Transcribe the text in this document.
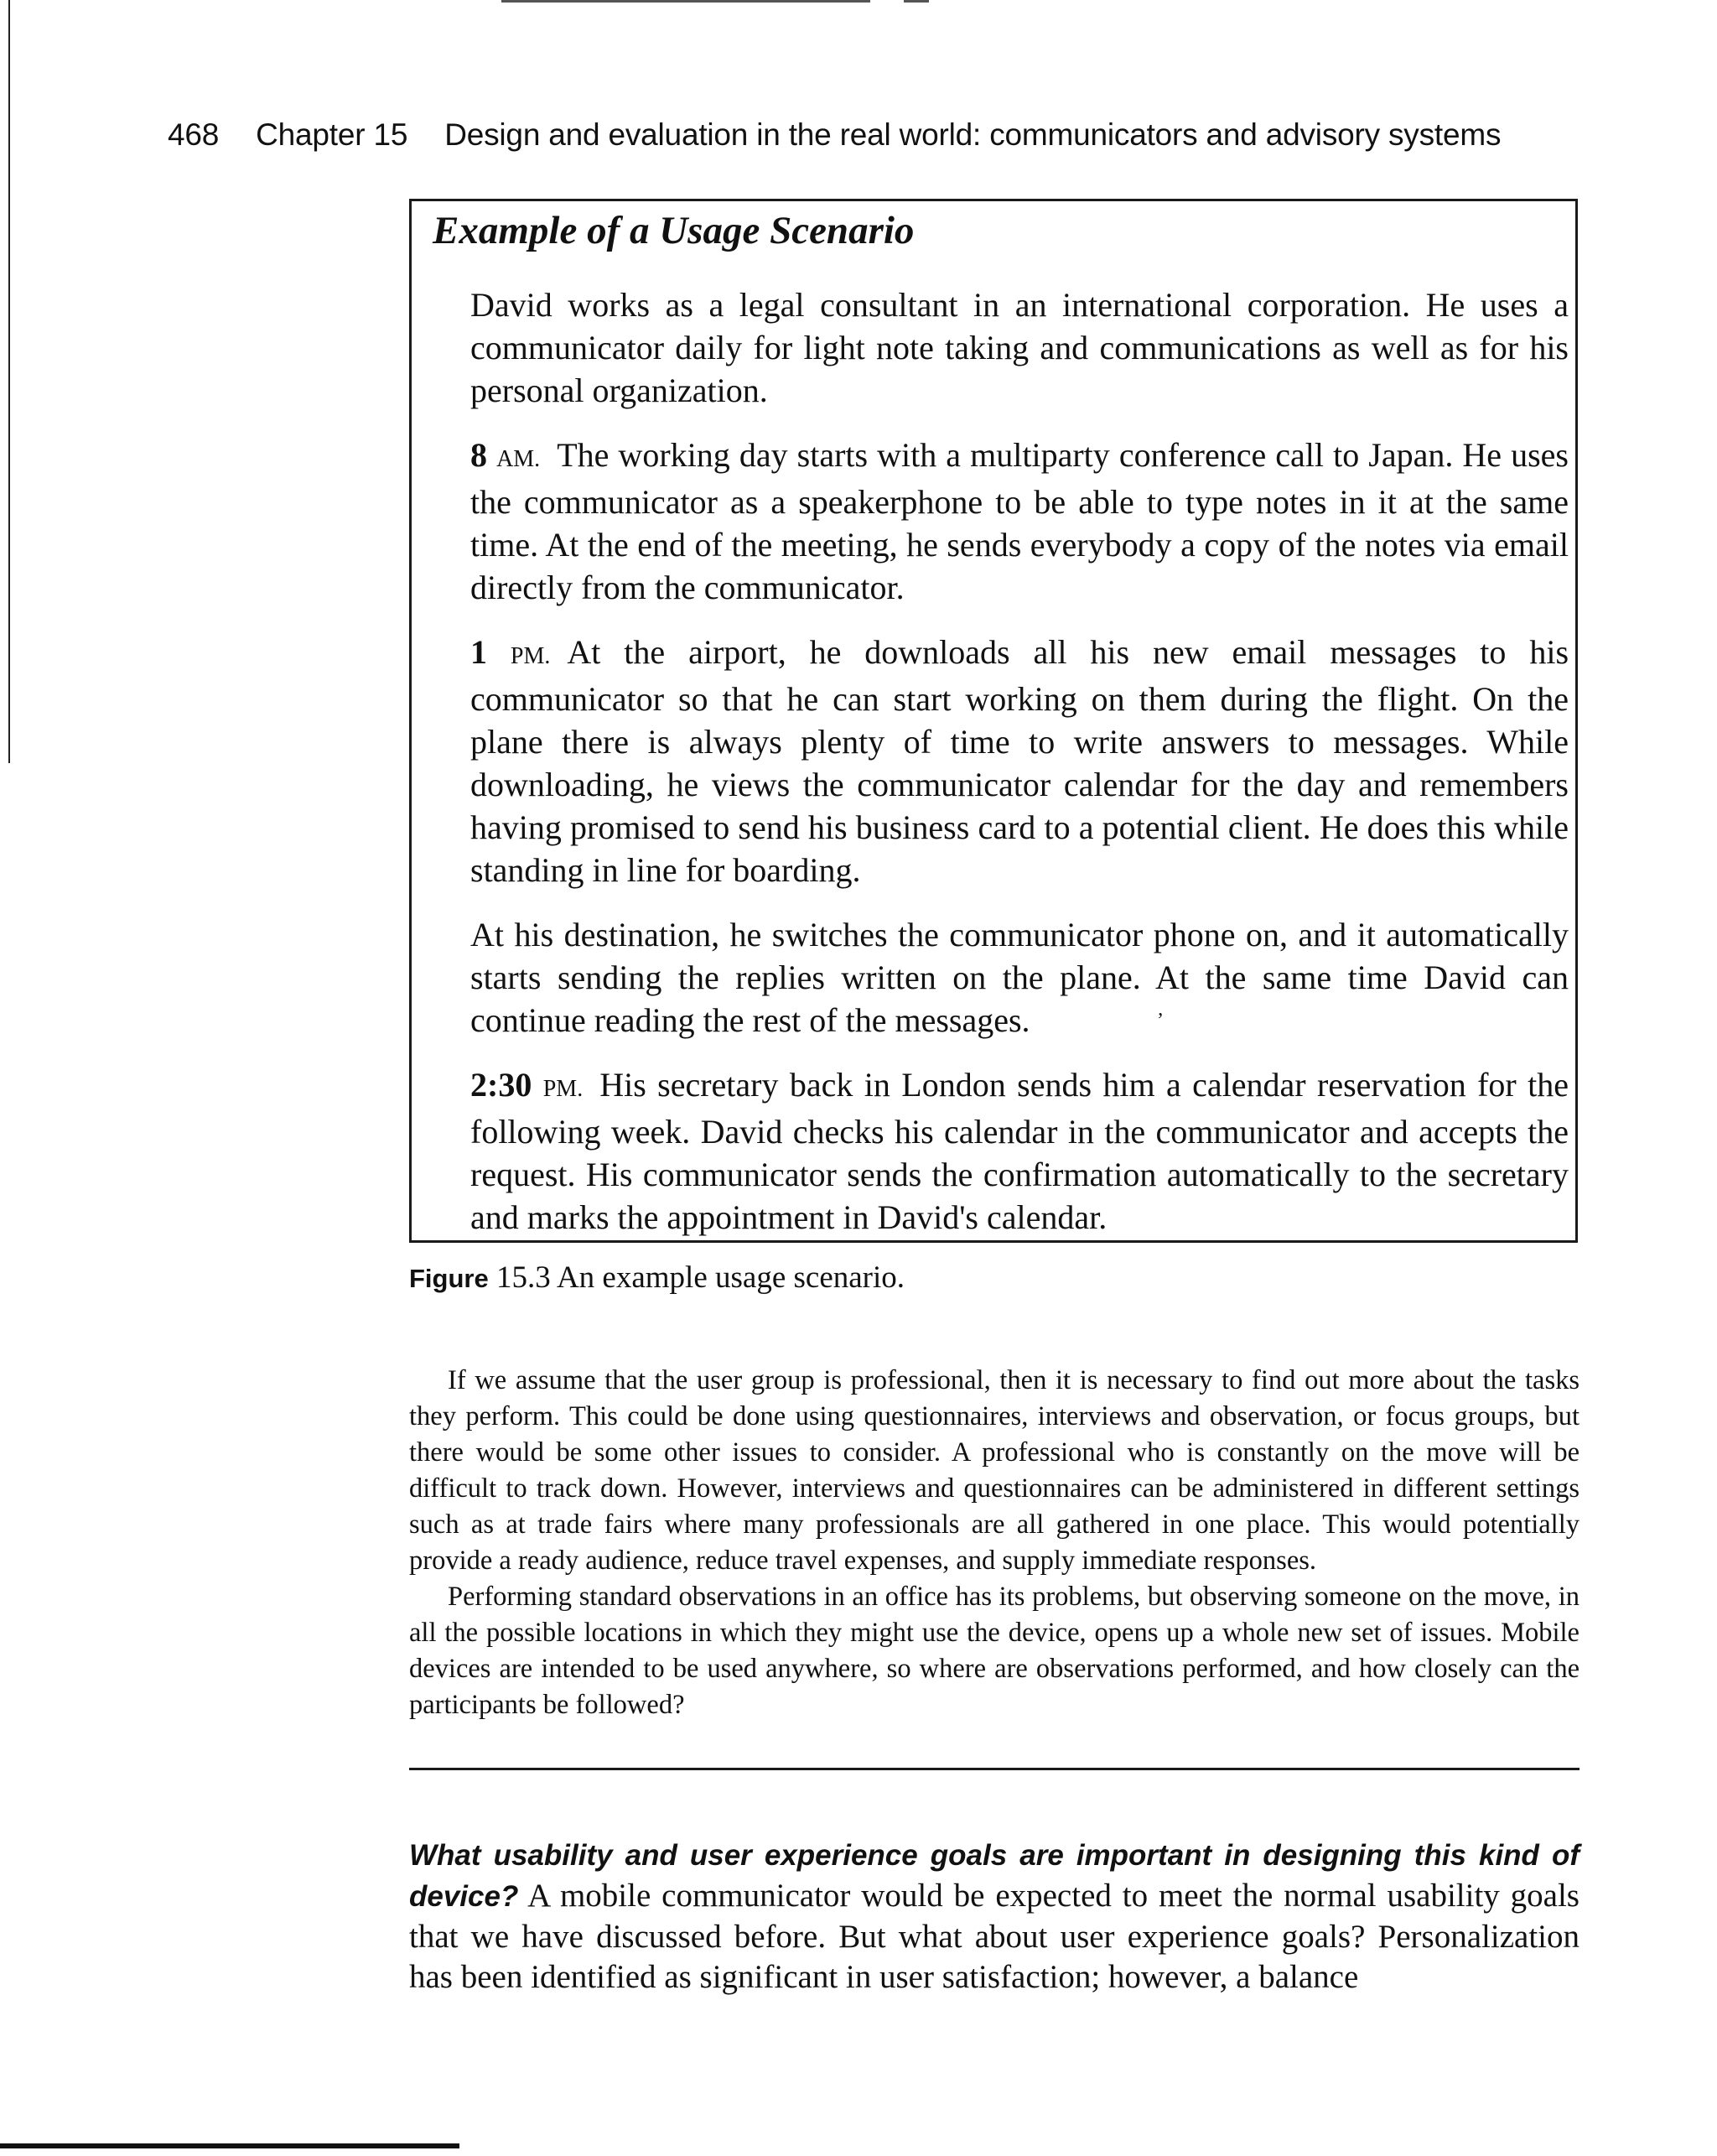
468 Chapter 15 Design and evaluation in the real world: communicators and advisory systems
Example of a Usage Scenario

David works as a legal consultant in an international corporation. He uses a communicator daily for light note taking and communications as well as for his personal organization.

8 AM. The working day starts with a multiparty conference call to Japan. He uses the communicator as a speakerphone to be able to type notes in it at the same time. At the end of the meeting, he sends everybody a copy of the notes via email directly from the communicator.

1 PM. At the airport, he downloads all his new email messages to his communicator so that he can start working on them during the flight. On the plane there is always plenty of time to write answers to messages. While downloading, he views the communicator calendar for the day and remembers having promised to send his business card to a potential client. He does this while standing in line for boarding.

At his destination, he switches the communicator phone on, and it automatically starts sending the replies written on the plane. At the same time David can continue reading the rest of the messages.

2:30 PM. His secretary back in London sends him a calendar reservation for the following week. David checks his calendar in the communicator and accepts the request. His communicator sends the confirmation automatically to the secretary and marks the appointment in David's calendar.

’
Figure 15.3 An example usage scenario.

If we assume that the user group is professional, then it is necessary to find out more about the tasks they perform. This could be done using questionnaires, interviews and observation, or focus groups, but there would be some other issues to consider. A professional who is constantly on the move will be difficult to track down. However, interviews and questionnaires can be administered in different settings such as at trade fairs where many professionals are all gathered in one place. This would potentially provide a ready audience, reduce travel expenses, and supply immediate responses.

Performing standard observations in an office has its problems, but observing someone on the move, in all the possible locations in which they might use the device, opens up a whole new set of issues. Mobile devices are intended to be used anywhere, so where are observations performed, and how closely can the participants be followed?

What usability and user experience goals are important in designing this kind of device? A mobile communicator would be expected to meet the normal usability goals that we have discussed before. But what about user experience goals? Personalization has been identified as significant in user satisfaction; however, a balance
